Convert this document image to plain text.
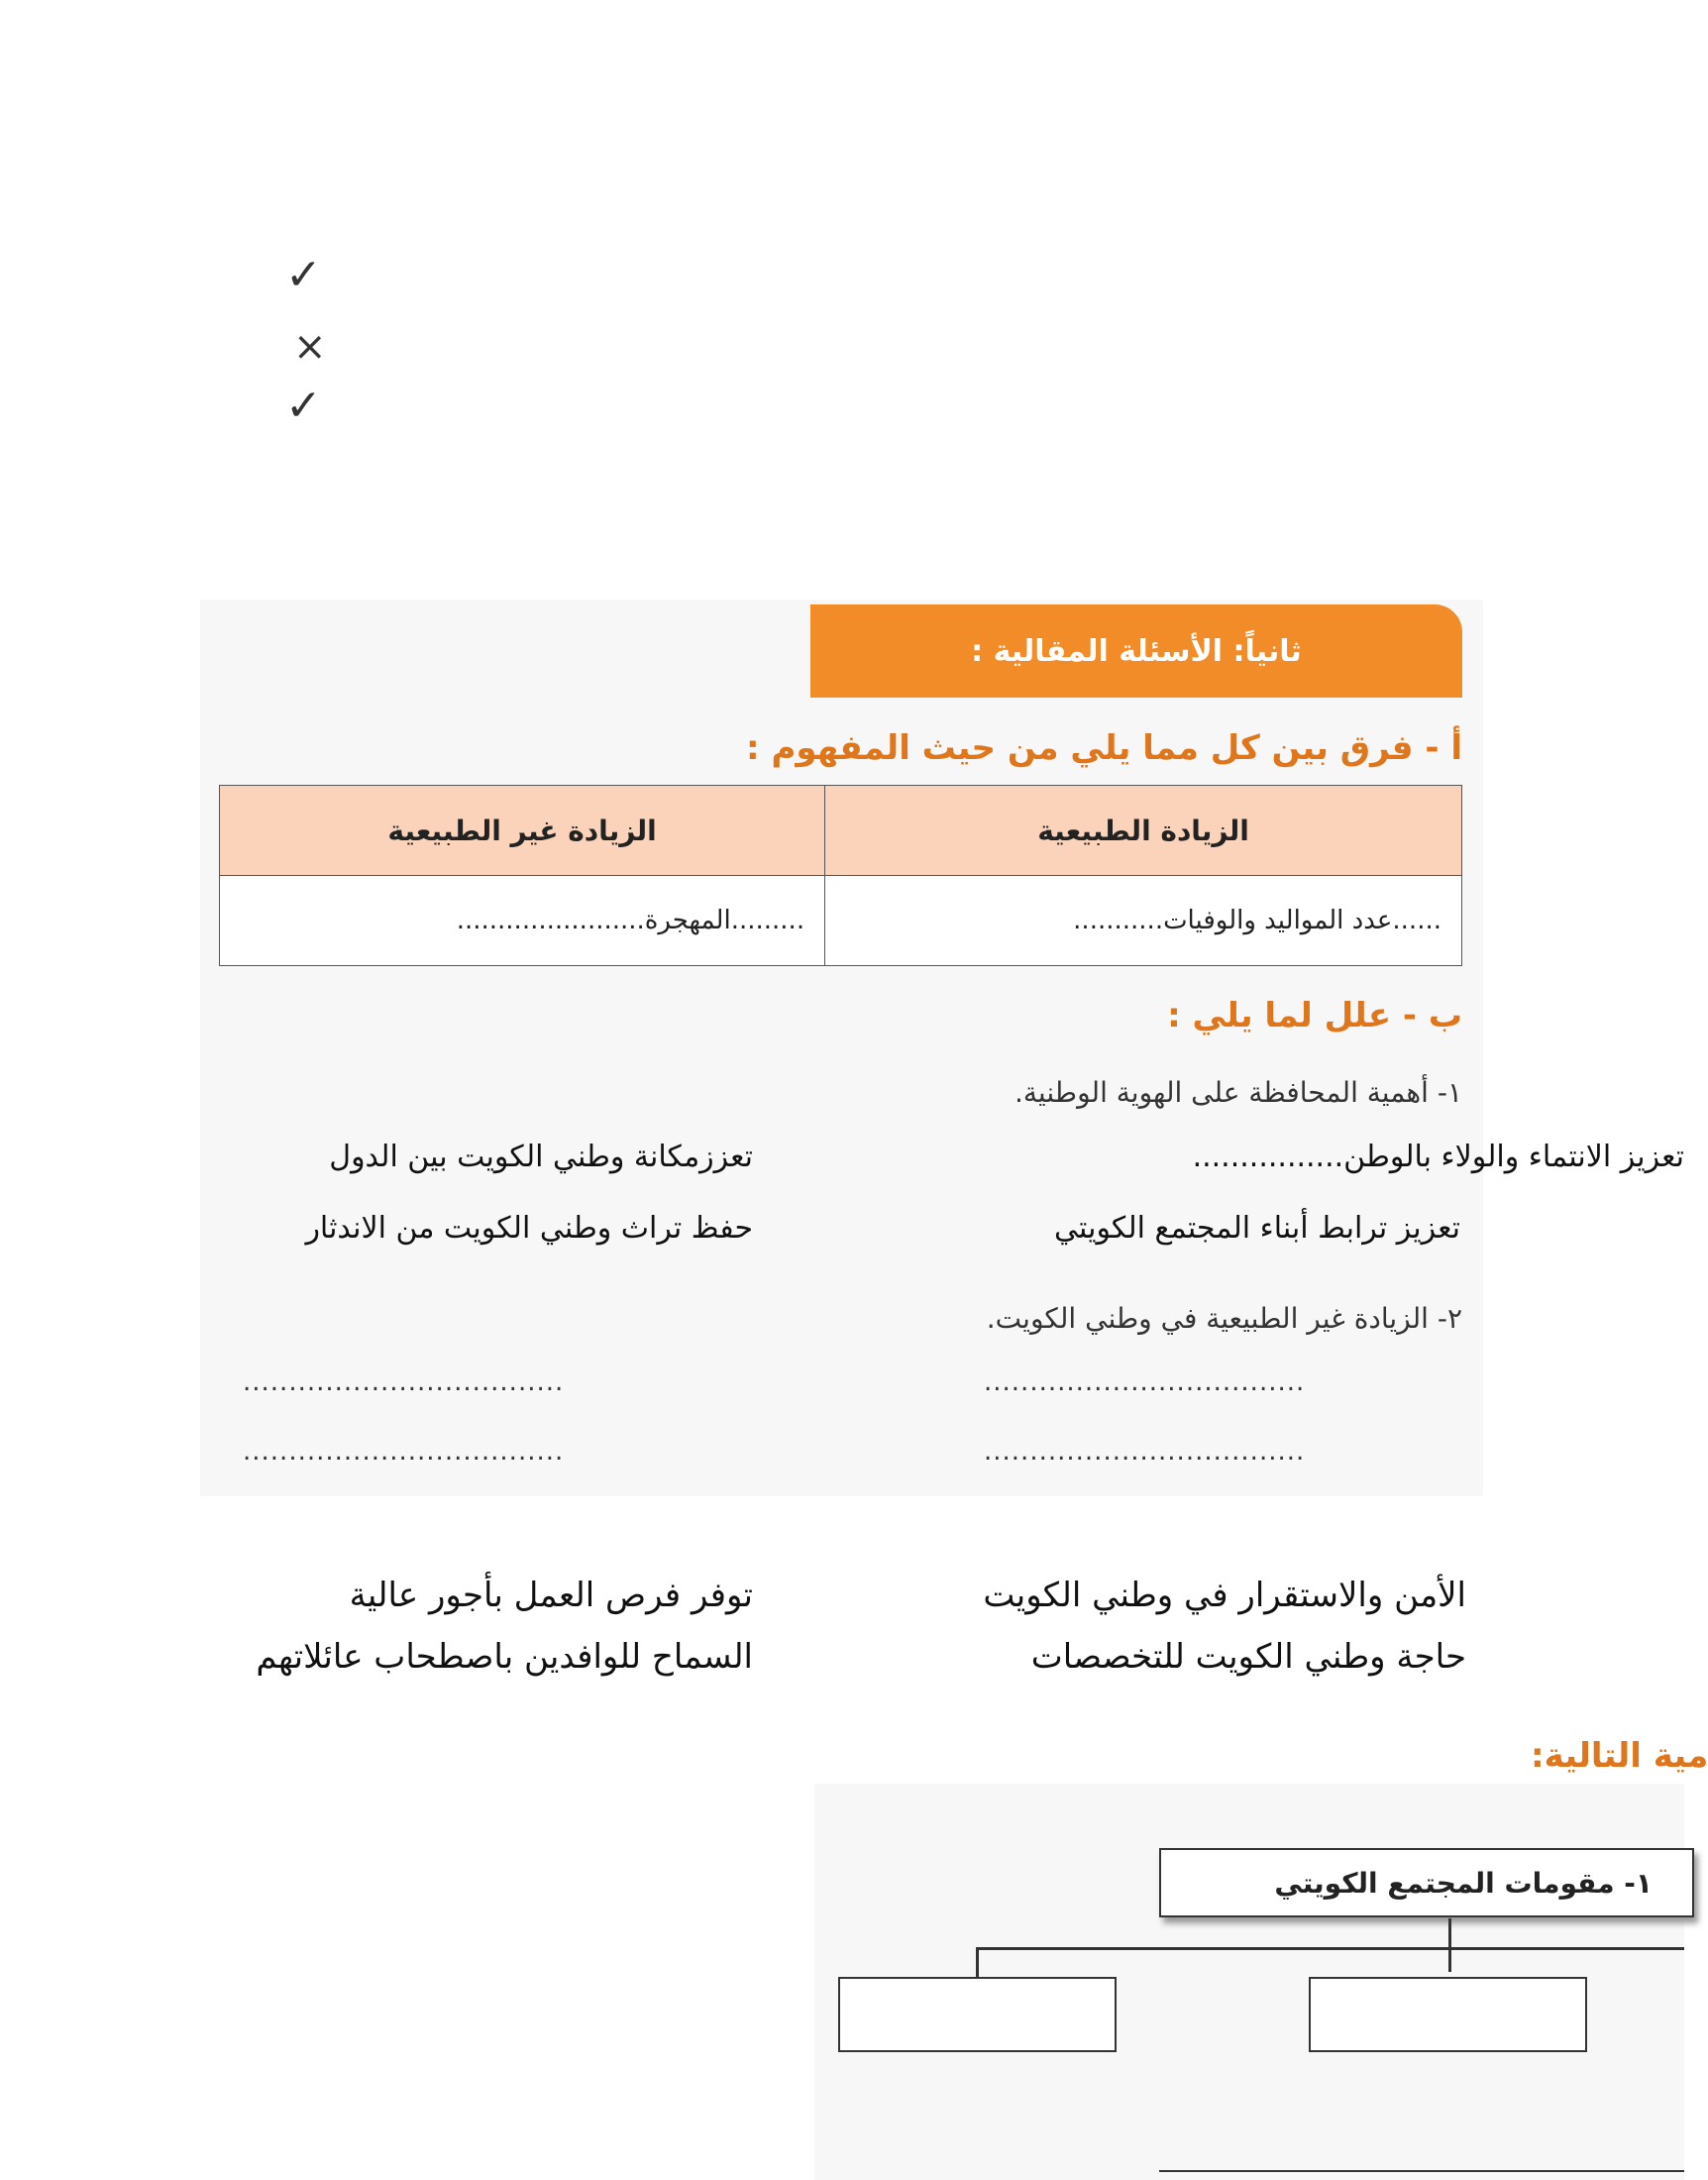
✓
×
✓
ثانياً: الأسئلة المقالية :
أ - فرق بين كل مما يلي من حيث المفهوم :
الزيادة الطبيعية	الزيادة غير الطبيعية
......عدد المواليد والوفيات...........	.........المهجرة.......................
ب - علل لما يلي :
١- أهمية المحافظة على الهوية الوطنية.
تعزيز الانتماء والولاء بالوطن................
تعززمكانة وطني الكويت بين الدول
تعزيز ترابط أبناء المجتمع الكويتي
حفظ تراث وطني الكويت من الاندثار
٢- الزيادة غير الطبيعية في وطني الكويت.
...................................
...................................
...................................
...................................
الأمن والاستقرار في وطني الكويت
توفر فرص العمل بأجور عالية
حاجة وطني الكويت للتخصصات
السماح للوافدين باصطحاب عائلاتهم
مية التالية:
١- مقومات المجتمع الكويتي
